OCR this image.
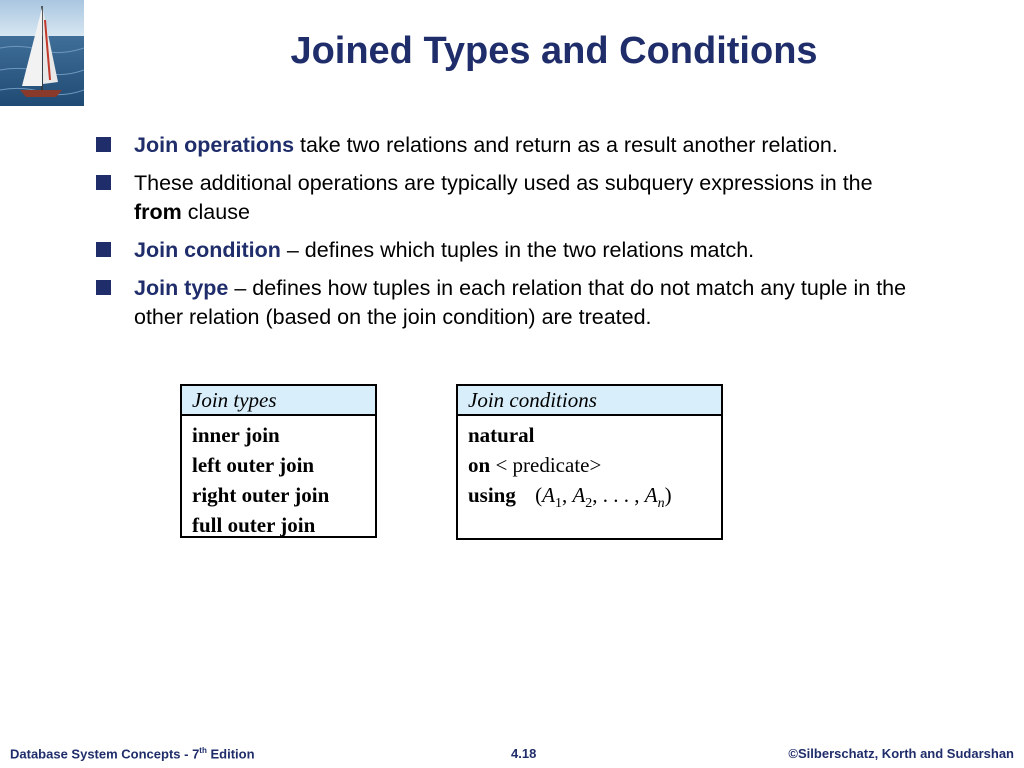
Joined Types and Conditions
Join operations take two relations and return as a result another relation.
These additional operations are typically used as subquery expressions in the from clause
Join condition – defines which tuples in the two relations match.
Join type – defines how tuples in each relation that do not match any tuple in the other relation (based on the join condition) are treated.
Join types
inner join
left outer join
right outer join
full outer join
Join conditions
natural
on < predicate>
using ($A_1$, $A_2$, . . . , $A_n$)
Database System Concepts - 7th Edition	4.18	©Silberschatz, Korth and Sudarshan
